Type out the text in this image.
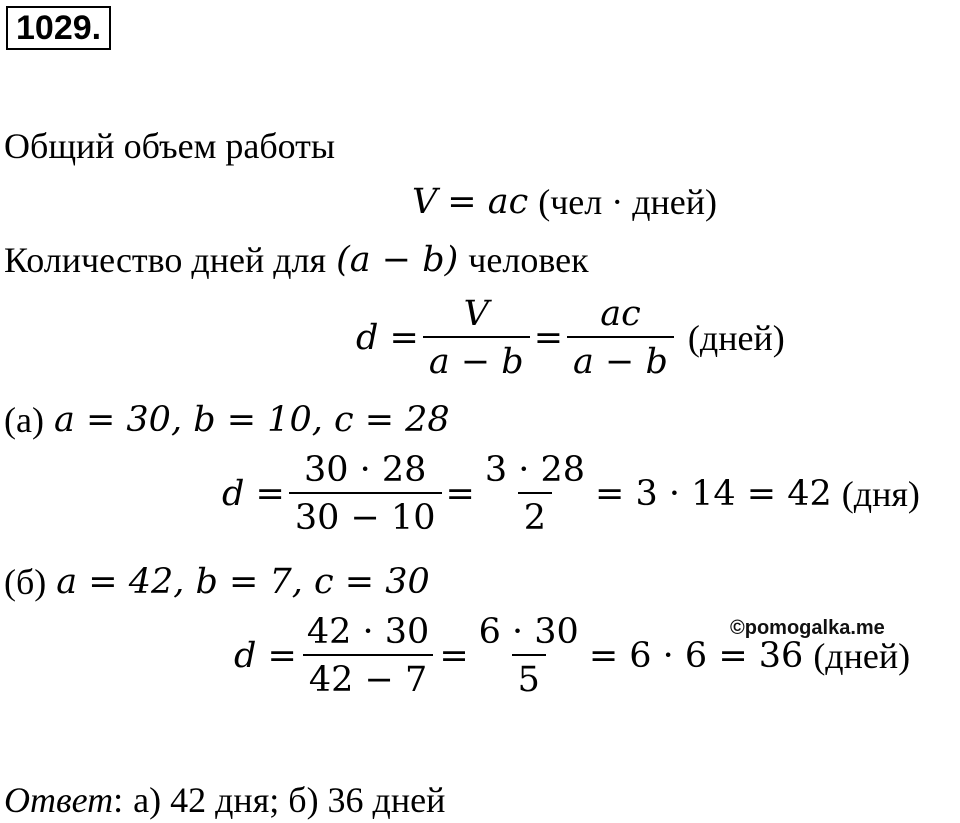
1029.
Общий объем работы
V = ac (чел · дней)
Количество дней для (a − b) человек
$d = \frac{V}{a - b} = \frac{ac}{a - b}$ (дней)
(а) a = 30, b = 10, c = 28
$d = \frac{30 \cdot 28}{30 - 10} = \frac{3 \cdot 28}{2} = 3 \cdot 14 = 42$ (дня)
(б) a = 42, b = 7, c = 30
$d = \frac{42 \cdot 30}{42 - 7} = \frac{6 \cdot 30}{5} = 6 \cdot 6 = 36$ (дней)
©pomogalka.me
Ответ : а) 42 дня; б) 36 дней
